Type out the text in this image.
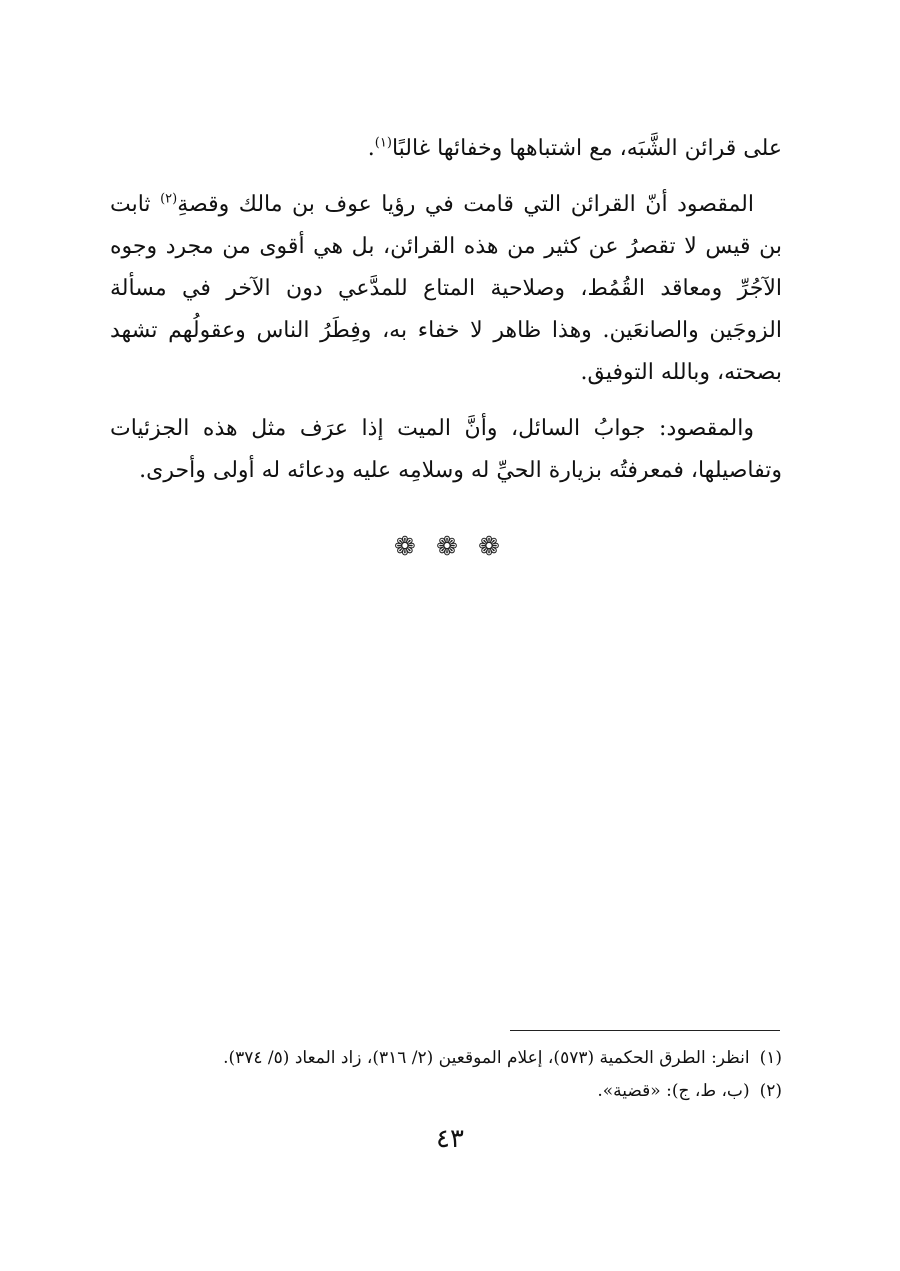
على قرائن الشَّبَه، مع اشتباهها وخفائها غالبًا$^{(١)}$.

المقصود أنّ القرائن التي قامت في رؤيا عوف بن مالك وقصةِ$^{(٢)}$ ثابت بن قيس لا تقصرُ عن كثير من هذه القرائن، بل هي أقوى من مجرد وجوه الآجُرِّ ومعاقد القُمُط، وصلاحية المتاع للمدَّعي دون الآخر في مسألة الزوجَين والصانعَين. وهذا ظاهر لا خفاء به، وفِطَرُ الناس وعقولُهم تشهد بصحته، وبالله التوفيق.

والمقصود: جوابُ السائل، وأنَّ الميت إذا عرَف مثل هذه الجزئيات وتفاصيلها، فمعرفتُه بزيارة الحيِّ له وسلامِه عليه ودعائه له أولى وأحرى.

❁ ❁ ❁

(١)انظر: الطرق الحكمية (٥٧٣)، إعلام الموقعين (٢/ ٣١٦)، زاد المعاد (٥/ ٣٧٤).

(٢)(ب، ط، ج): «قضية».

٤٣
